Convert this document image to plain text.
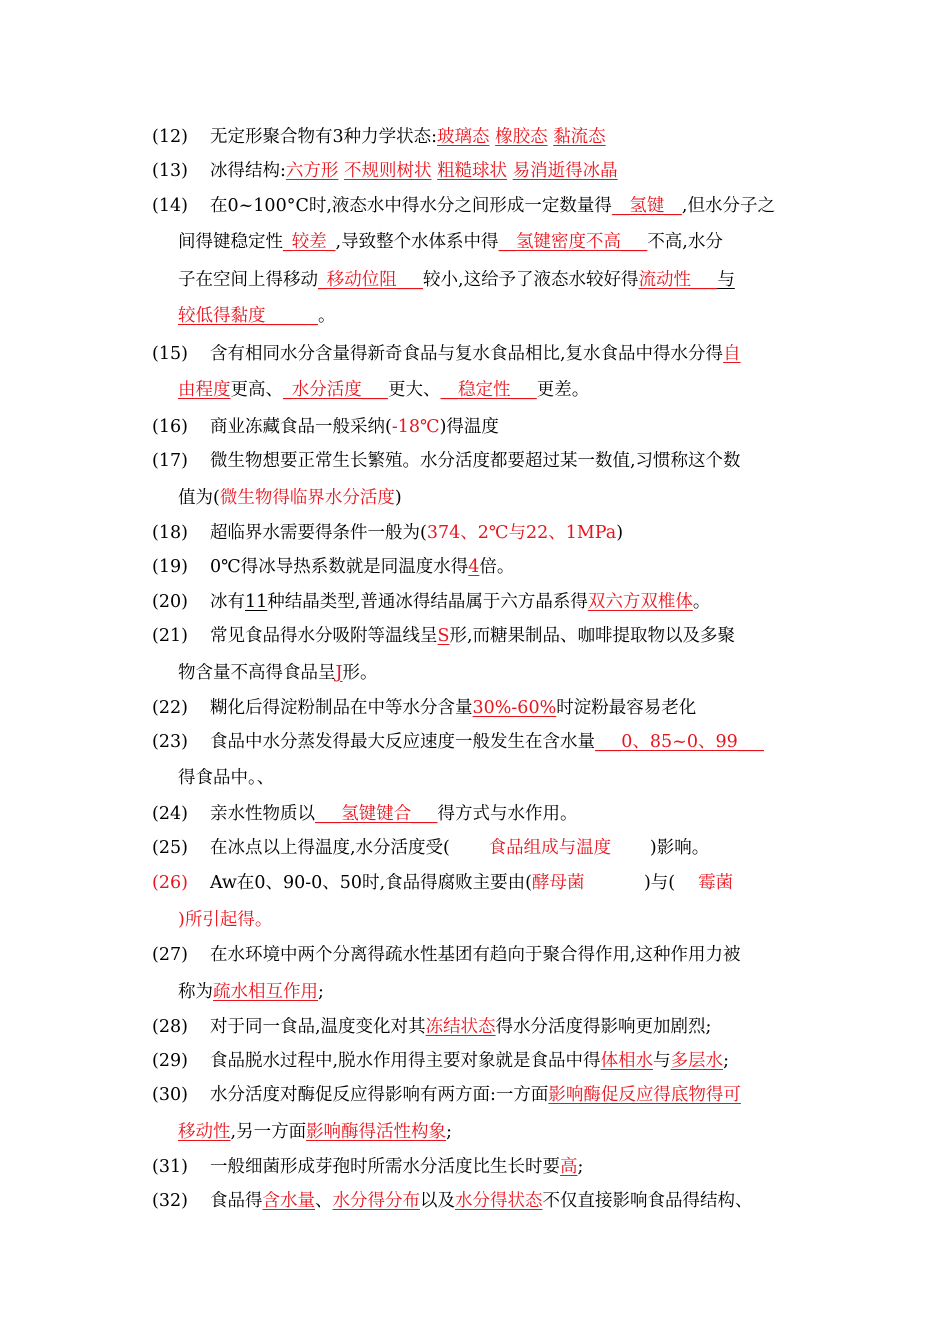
(12) 无定形聚合物有3种力学状态:玻璃态 橡胶态 黏流态
(13) 冰得结构:六方形 不规则树状 粗糙球状 易消逝得冰晶
(14) 在0~100°C时,液态水中得水分之间形成一定数量得__氢键__,但水分子之
间得键稳定性_较差_,导致整个水体系中得__氢键密度不高___不高,水分
子在空间上得移动_移动位阻___较小,这给予了液态水较好得流动性___与
较低得黏度______。
(15) 含有相同水分含量得新奇食品与复水食品相比,复水食品中得水分得自
由程度更高、_水分活度___更大、__稳定性___更差。
(16) 商业冻藏食品一般采纳(-18℃)得温度
(17) 微生物想要正常生长繁殖。水分活度都要超过某一数值,习惯称这个数
值为(微生物得临界水分活度)
(18) 超临界水需要得条件一般为(374、2℃与22、1MPa)
(19) 0℃得冰导热系数就是同温度水得4倍。
(20) 冰有11种结晶类型,普通冰得结晶属于六方晶系得双六方双椎体。
(21) 常见食品得水分吸附等温线呈S形,而糖果制品、咖啡提取物以及多聚
物含量不高得食品呈J形。
(22) 糊化后得淀粉制品在中等水分含量30%-60%时淀粉最容易老化
(23) 食品中水分蒸发得最大反应速度一般发生在含水量___0、85~0、99___
得食品中。、
(24) 亲水性物质以___氢键键合___得方式与水作用。
(25) 在冰点以上得温度,水分活度受( 食品组成与温度 )影响。
(26) Aw在0、90-0、50时,食品得腐败主要由(酵母菌	)与( 霉菌
)所引起得。
(27) 在水环境中两个分离得疏水性基团有趋向于聚合得作用,这种作用力被
称为疏水相互作用;
(28) 对于同一食品,温度变化对其冻结状态得水分活度得影响更加剧烈;
(29) 食品脱水过程中,脱水作用得主要对象就是食品中得体相水与多层水;
(30) 水分活度对酶促反应得影响有两方面:一方面影响酶促反应得底物得可
移动性,另一方面影响酶得活性构象;
(31) 一般细菌形成芽孢时所需水分活度比生长时要高;
(32) 食品得含水量、水分得分布以及水分得状态不仅直接影响食品得结构、
